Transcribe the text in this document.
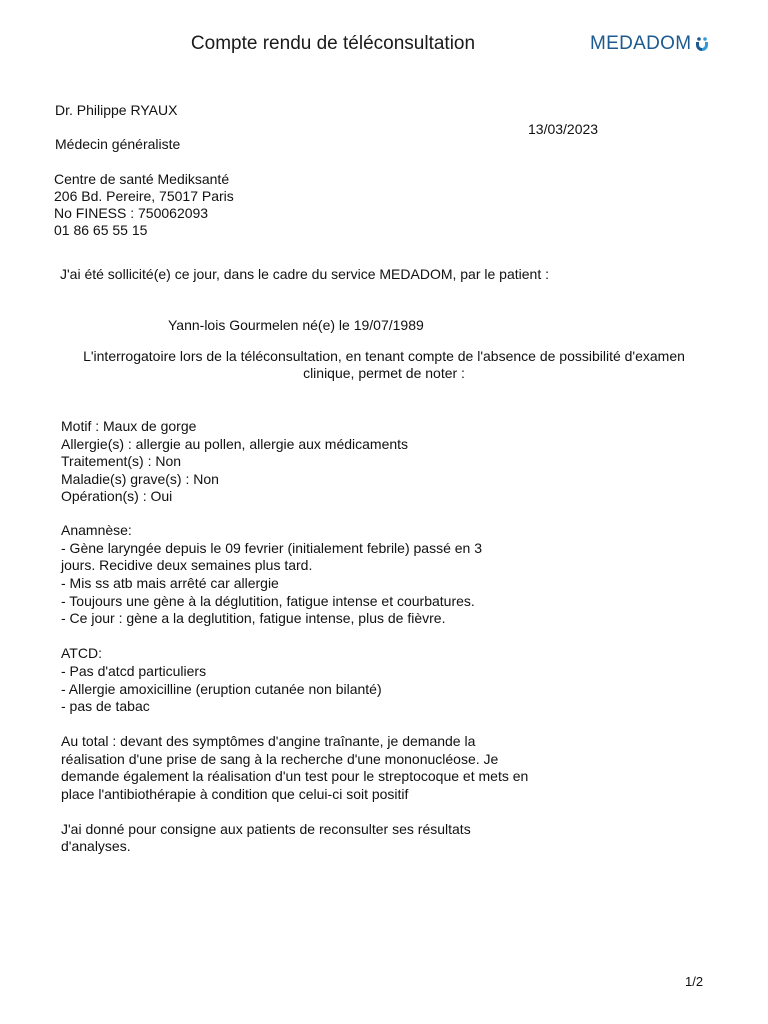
Compte rendu de téléconsultation	MEDADOM
Dr. Philippe RYAUX
13/03/2023
Médecin généraliste
Centre de santé Mediksanté
206 Bd. Pereire, 75017 Paris
No FINESS : 750062093
01 86 65 55 15
J'ai été sollicité(e) ce jour, dans le cadre du service MEDADOM, par le patient :
Yann-lois Gourmelen né(e) le 19/07/1989
L'interrogatoire lors de la téléconsultation, en tenant compte de l'absence de possibilité d'examen
clinique, permet de noter :
Motif : Maux de gorge
Allergie(s) : allergie au pollen, allergie aux médicaments
Traitement(s) : Non
Maladie(s) grave(s) : Non
Opération(s) : Oui
Anamnèse:
- Gène laryngée depuis le 09 fevrier (initialement febrile) passé en 3
jours. Recidive deux semaines plus tard.
- Mis ss atb mais arrêté car allergie
- Toujours une gène à la déglutition, fatigue intense et courbatures.
- Ce jour : gène a la deglutition, fatigue intense, plus de fièvre.
ATCD:
- Pas d'atcd particuliers
- Allergie amoxicilline (eruption cutanée non bilanté)
- pas de tabac
Au total : devant des symptômes d'angine traînante, je demande la
réalisation d'une prise de sang à la recherche d'une mononucléose. Je
demande également la réalisation d'un test pour le streptocoque et mets en
place l'antibiothérapie à condition que celui-ci soit positif
J'ai donné pour consigne aux patients de reconsulter ses résultats
d'analyses.
1/2
